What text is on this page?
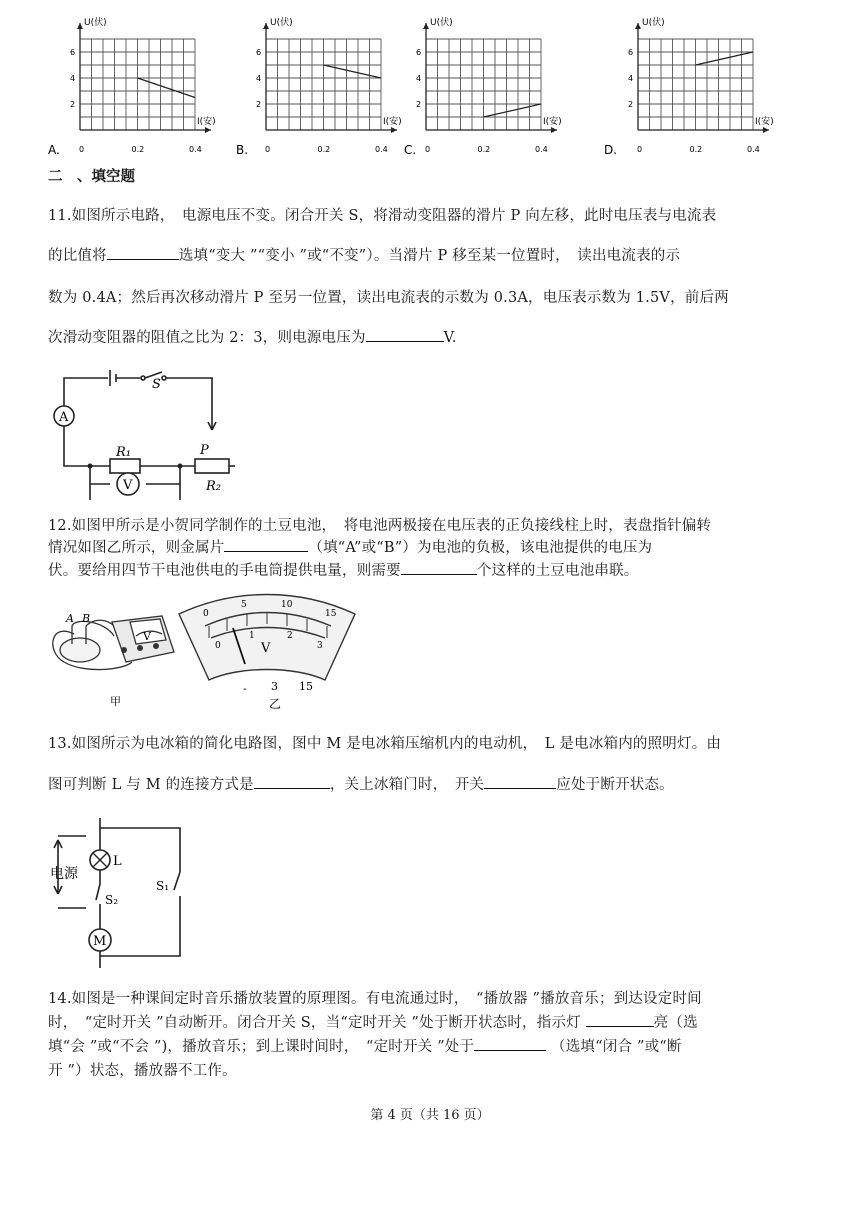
U(伏)
I(安)
6
4
2
0	0.2	0.4
A.
U(伏)
I(安)
6
4
2
0	0.2	0.4
B.
U(伏)
I(安)
6
4
2
0	0.2	0.4
C.
U(伏)
I(安)
6
4
2
0	0.2	0.4
D.
二　、填空题
11.如图所示电路，　电源电压不变。闭合开关 S，将滑动变阻器的滑片 P 向左移，此时电压表与电流表
的比值将	选填“变大 ”“变小 ”或“不变”）。当滑片 P 移至某一位置时，　读出电流表的示
数为 0.4A；然后再次移动滑片 P 至另一位置，读出电流表的示数为 0.3A，电压表示数为 1.5V，前后两
次滑动变阻器的阻值之比为 2：3，则电源电压为	V.
A
V
S
R₁	P
R₂
12.如图甲所示是小贺同学制作的土豆电池，　将电池两极接在电压表的正负接线柱上时，表盘指针偏转
情况如图乙所示，则金属片	（填“A”或“B”）为电池的负极，该电池提供的电压为
伏。要给用四节干电池供电的手电筒提供电量，则需要	个这样的土豆电池串联。
A B
V
甲
0
5	10
15
0
1	2
3
V
- 3 15
乙
13.如图所示为电冰箱的简化电路图，图中 M 是电冰箱压缩机内的电动机，　L 是电冰箱内的照明灯。由
图可判断 L 与 M 的连接方式是	，关上冰箱门时，　开关	应处于断开状态。
M
电源
L
S₂
S₁
14.如图是一种课间定时音乐播放装置的原理图。有电流通过时，　“播放器 ”播放音乐；到达设定时间
时，　“定时开关 ”自动断开。闭合开关 S，当“定时开关 ”处于断开状态时，指示灯	亮（选
填“会 ”或“不会 ”)，播放音乐；到上课时间时，　“定时开关 ”处于	（选填“闭合 ”或“断
开 ”）状态，播放器不工作。
第 4 页（共 16 页）
